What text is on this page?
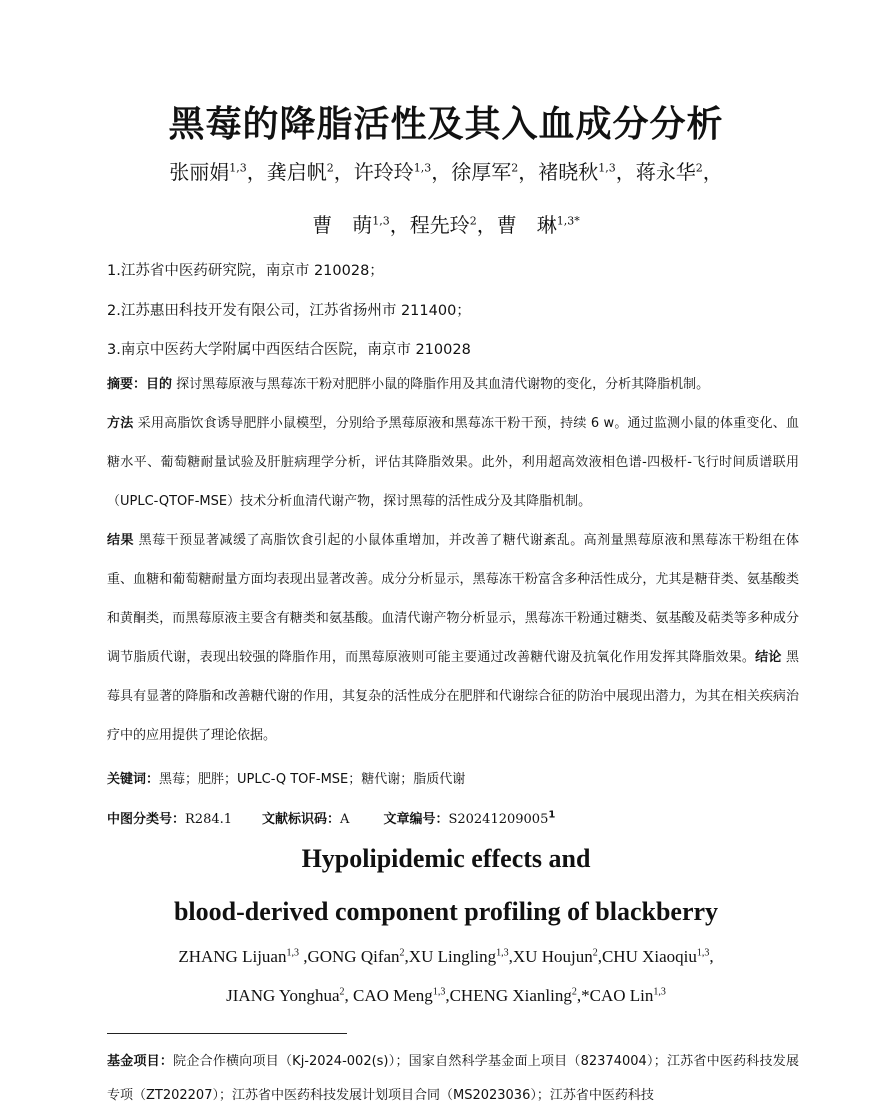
黑莓的降脂活性及其入血成分分析
张丽娟$^{1,3}$，龚启帆$^2$，许玲玲$^{1,3}$，徐厚军$^2$，褚晓秋$^{1,3}$，蒋永华$^2$，
曹　萌$^{1,3}$，程先玲$^2$，曹　琳$^{1,3*}$
1.江苏省中医药研究院，南京市 210028；
2.江苏惠田科技开发有限公司，江苏省扬州市 211400；
3.南京中医药大学附属中西医结合医院，南京市 210028

摘要：目的 探讨黑莓原液与黑莓冻干粉对肥胖小鼠的降脂作用及其血清代谢物的变化，分析其降脂机制。
方法 采用高脂饮食诱导肥胖小鼠模型，分别给予黑莓原液和黑莓冻干粉干预，持续 6 w。通过监测小鼠的体重变化、血糖水平、葡萄糖耐量试验及肝脏病理学分析，评估其降脂效果。此外，利用超高效液相色谱-四极杆-飞行时间质谱联用（UPLC-QTOF-MSE）技术分析血清代谢产物，探讨黑莓的活性成分及其降脂机制。
结果 黑莓干预显著减缓了高脂饮食引起的小鼠体重增加，并改善了糖代谢紊乱。高剂量黑莓原液和黑莓冻干粉组在体重、血糖和葡萄糖耐量方面均表现出显著改善。成分分析显示，黑莓冻干粉富含多种活性成分，尤其是糖苷类、氨基酸类和黄酮类，而黑莓原液主要含有糖类和氨基酸。血清代谢产物分析显示，黑莓冻干粉通过糖类、氨基酸及萜类等多种成分调节脂质代谢，表现出较强的降脂作用，而黑莓原液则可能主要通过改善糖代谢及抗氧化作用发挥其降脂效果。结论 黑莓具有显著的降脂和改善糖代谢的作用，其复杂的活性成分在肥胖和代谢综合征的防治中展现出潜力，为其在相关疾病治疗中的应用提供了理论依据。

关键词：黑莓；肥胖；UPLC-Q TOF-MSE；糖代谢；脂质代谢
中图分类号：R284.1 文献标识码：A	文章编号：S20241209005$^1$
Hypolipidemic effects and
blood-derived component profiling of blackberry
ZHANG Lijuan$^{1,3}$ ,GONG Qifan$^2$,XU Lingling$^{1,3}$,XU Houjun$^2$,CHU Xiaoqiu$^{1,3}$,
JIANG Yonghua$^2$, CAO Meng$^{1,3}$,CHENG Xianling$^2$,*CAO Lin$^{1,3}$

基金项目：院企合作横向项目（Kj-2024-002(s)）；国家自然科学基金面上项目（82374004）；江苏省中医药科技发展专项（ZT202207）；江苏省中医药科技发展计划项目合同（MS2023036）；江苏省中医药科技
